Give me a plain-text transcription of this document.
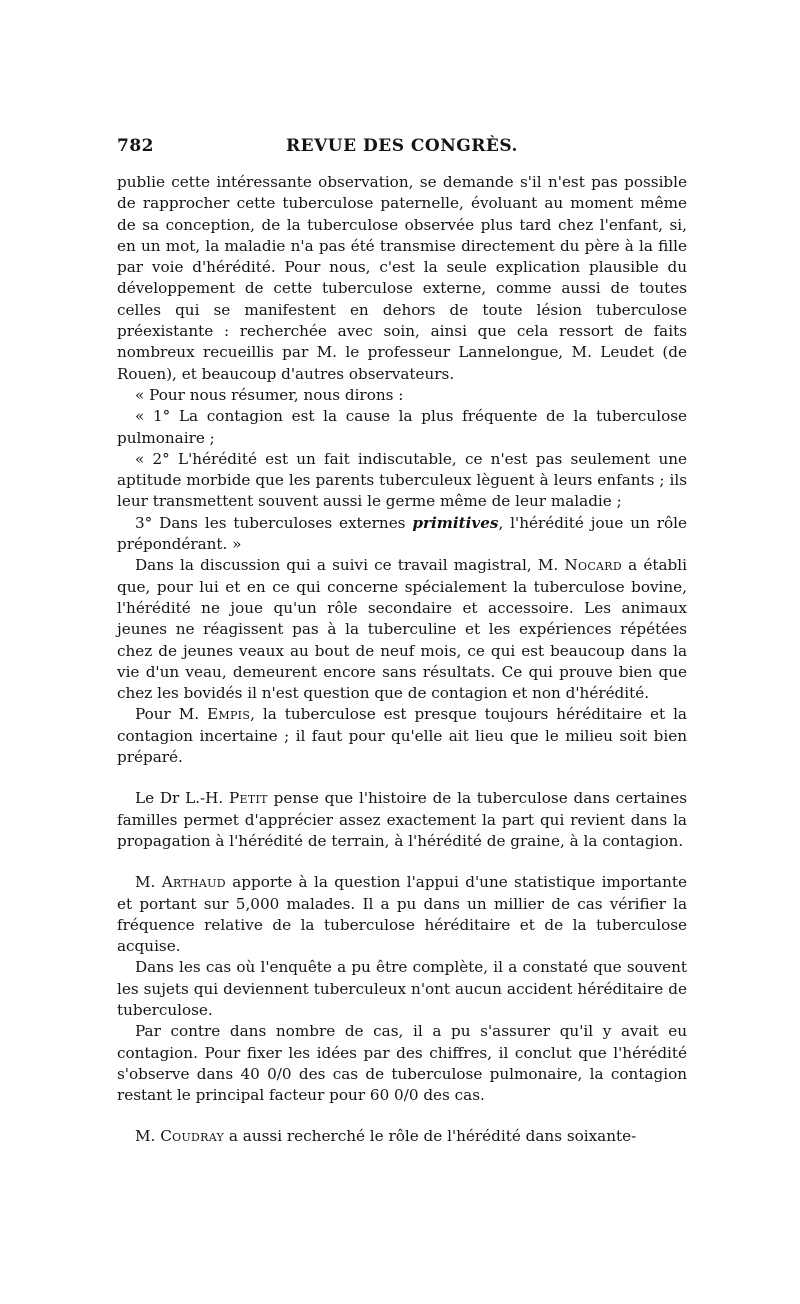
782	REVUE DES CONGRÈS.

publie cette intéressante observation, se demande s'il n'est pas possible de rapprocher cette tuberculose paternelle, évoluant au moment même de sa conception, de la tuberculose observée plus tard chez l'enfant, si, en un mot, la maladie n'a pas été transmise directement du père à la fille par voie d'hérédité. Pour nous, c'est la seule explication plausible du développement de cette tuberculose externe, comme aussi de toutes celles qui se manifestent en dehors de toute lésion tuberculose préexistante : recherchée avec soin, ainsi que cela ressort de faits nombreux recueillis par M. le professeur Lannelongue, M. Leudet (de Rouen), et beaucoup d'autres observateurs.

« Pour nous résumer, nous dirons :

« 1° La contagion est la cause la plus fréquente de la tuberculose pulmonaire ;

« 2° L'hérédité est un fait indiscutable, ce n'est pas seulement une aptitude morbide que les parents tuberculeux lèguent à leurs enfants ; ils leur transmettent souvent aussi le germe même de leur maladie ;

3° Dans les tuberculoses externes primitives, l'hérédité joue un rôle prépondérant. »

Dans la discussion qui a suivi ce travail magistral, M. Nocard a établi que, pour lui et en ce qui concerne spécialement la tuberculose bovine, l'hérédité ne joue qu'un rôle secondaire et accessoire. Les animaux jeunes ne réagissent pas à la tuberculine et les expériences répétées chez de jeunes veaux au bout de neuf mois, ce qui est beaucoup dans la vie d'un veau, demeurent encore sans résultats. Ce qui prouve bien que chez les bovidés il n'est question que de contagion et non d'hérédité.

Pour M. Empis, la tuberculose est presque toujours héréditaire et la contagion incertaine ; il faut pour qu'elle ait lieu que le milieu soit bien préparé.

Le Dr L.-H. Petit pense que l'histoire de la tuberculose dans certaines familles permet d'apprécier assez exactement la part qui revient dans la propagation à l'hérédité de terrain, à l'hérédité de graine, à la contagion.

M. Arthaud apporte à la question l'appui d'une statistique importante et portant sur 5,000 malades. Il a pu dans un millier de cas vérifier la fréquence relative de la tuberculose héréditaire et de la tuberculose acquise.

Dans les cas où l'enquête a pu être complète, il a constaté que souvent les sujets qui deviennent tuberculeux n'ont aucun accident héréditaire de tuberculose.

Par contre dans nombre de cas, il a pu s'assurer qu'il y avait eu contagion. Pour fixer les idées par des chiffres, il conclut que l'hérédité s'observe dans 40 0/0 des cas de tuberculose pulmonaire, la contagion restant le principal facteur pour 60 0/0 des cas.

M. Coudray a aussi recherché le rôle de l'hérédité dans soixante-
